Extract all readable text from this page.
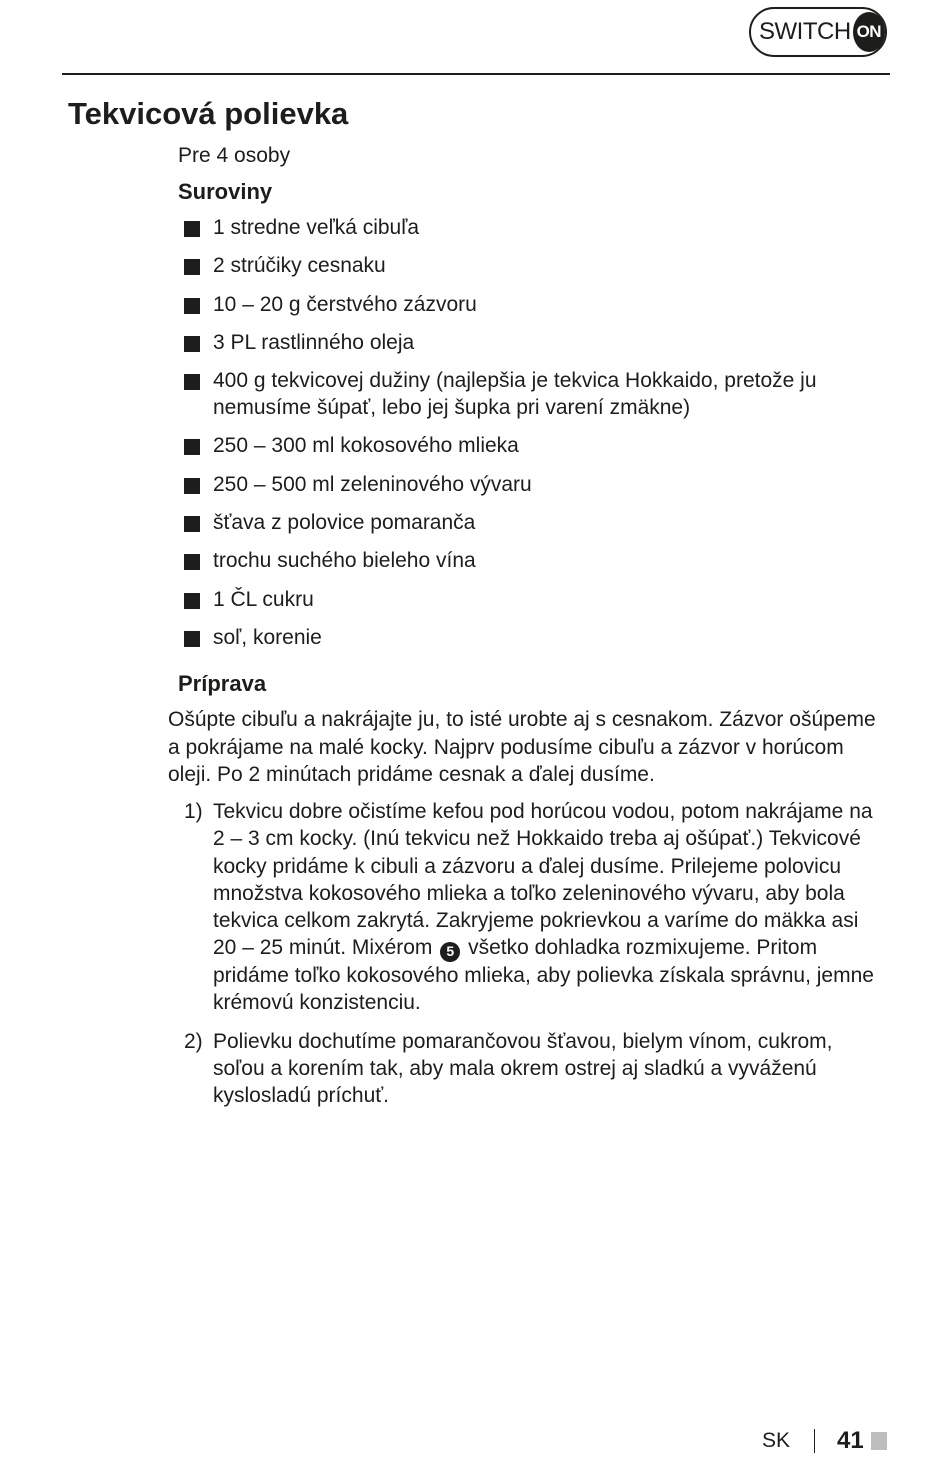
SWITCH ON
Tekvicová polievka
Pre 4 osoby
Suroviny
1 stredne veľká cibuľa
2 strúčiky cesnaku
10 – 20 g čerstvého zázvoru
3 PL rastlinného oleja
400 g tekvicovej dužiny (najlepšia je tekvica Hokkaido, pretože ju nemusíme šúpať, lebo jej šupka pri varení zmäkne)
250 – 300 ml kokosového mlieka
250 – 500 ml zeleninového vývaru
šťava z polovice pomaranča
trochu suchého bieleho vína
1 ČL cukru
soľ, korenie
Príprava

Ošúpte cibuľu a nakrájajte ju, to isté urobte aj s cesnakom. Zázvor ošúpeme a pokrájame na malé kocky. Najprv podusíme cibuľu a zázvor v horúcom oleji. Po 2 minútach pridáme cesnak a ďalej dusíme.

1) Tekvicu dobre očistíme kefou pod horúcou vodou, potom nakrájame na 2 – 3 cm kocky. (Inú tekvicu než Hokkaido treba aj ošúpať.) Tekvicové kocky pridáme k cibuli a zázvoru a ďalej dusíme. Prilejeme polovicu množstva kokosového mlieka a toľko zeleninového vývaru, aby bola tekvica celkom zakrytá. Zakryjeme pokrievkou a varíme do mäkka asi 20 – 25 minút. Mixérom 5 všetko dohladka rozmixujeme. Pritom pridáme toľko kokosového mlieka, aby polievka získala správnu, jemne krémovú konzistenciu.
2) Polievku dochutíme pomarančovou šťavou, bielym vínom, cukrom, soľou a korením tak, aby mala okrem ostrej aj sladkú a vyváženú kyslosladú príchuť.
SK 41
